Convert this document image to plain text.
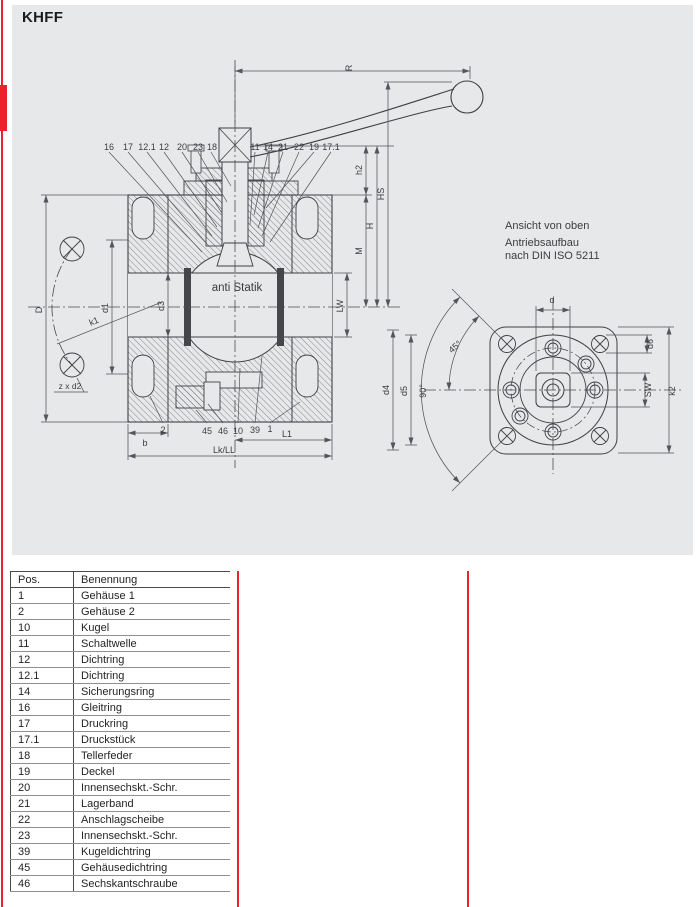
KHFF
anti Statik
16 17 12.1 12 20 23 18	11 14 21 22 19 17.1
2	45 46 10 39 1
R
h2
M
H
HS
LW
d3
D	d1
k1
z x d2
b
L1
Lk/LL
d
d6
SW k2
d4 d5
45°
90°
Ansicht von oben
Antriebsaufbau
nach DIN ISO 5211
Pos.	Benennung
1	Gehäuse 1
2	Gehäuse 2
10	Kugel
11	Schaltwelle
12	Dichtring
12.1	Dichtring
14	Sicherungsring
16	Gleitring
17	Druckring
17.1	Druckstück
18	Tellerfeder
19	Deckel
20	Innensechskt.-Schr.
21	Lagerband
22	Anschlagscheibe
23	Innensechskt.-Schr.
39	Kugeldichtring
45	Gehäusedichtring
46	Sechskantschraube
